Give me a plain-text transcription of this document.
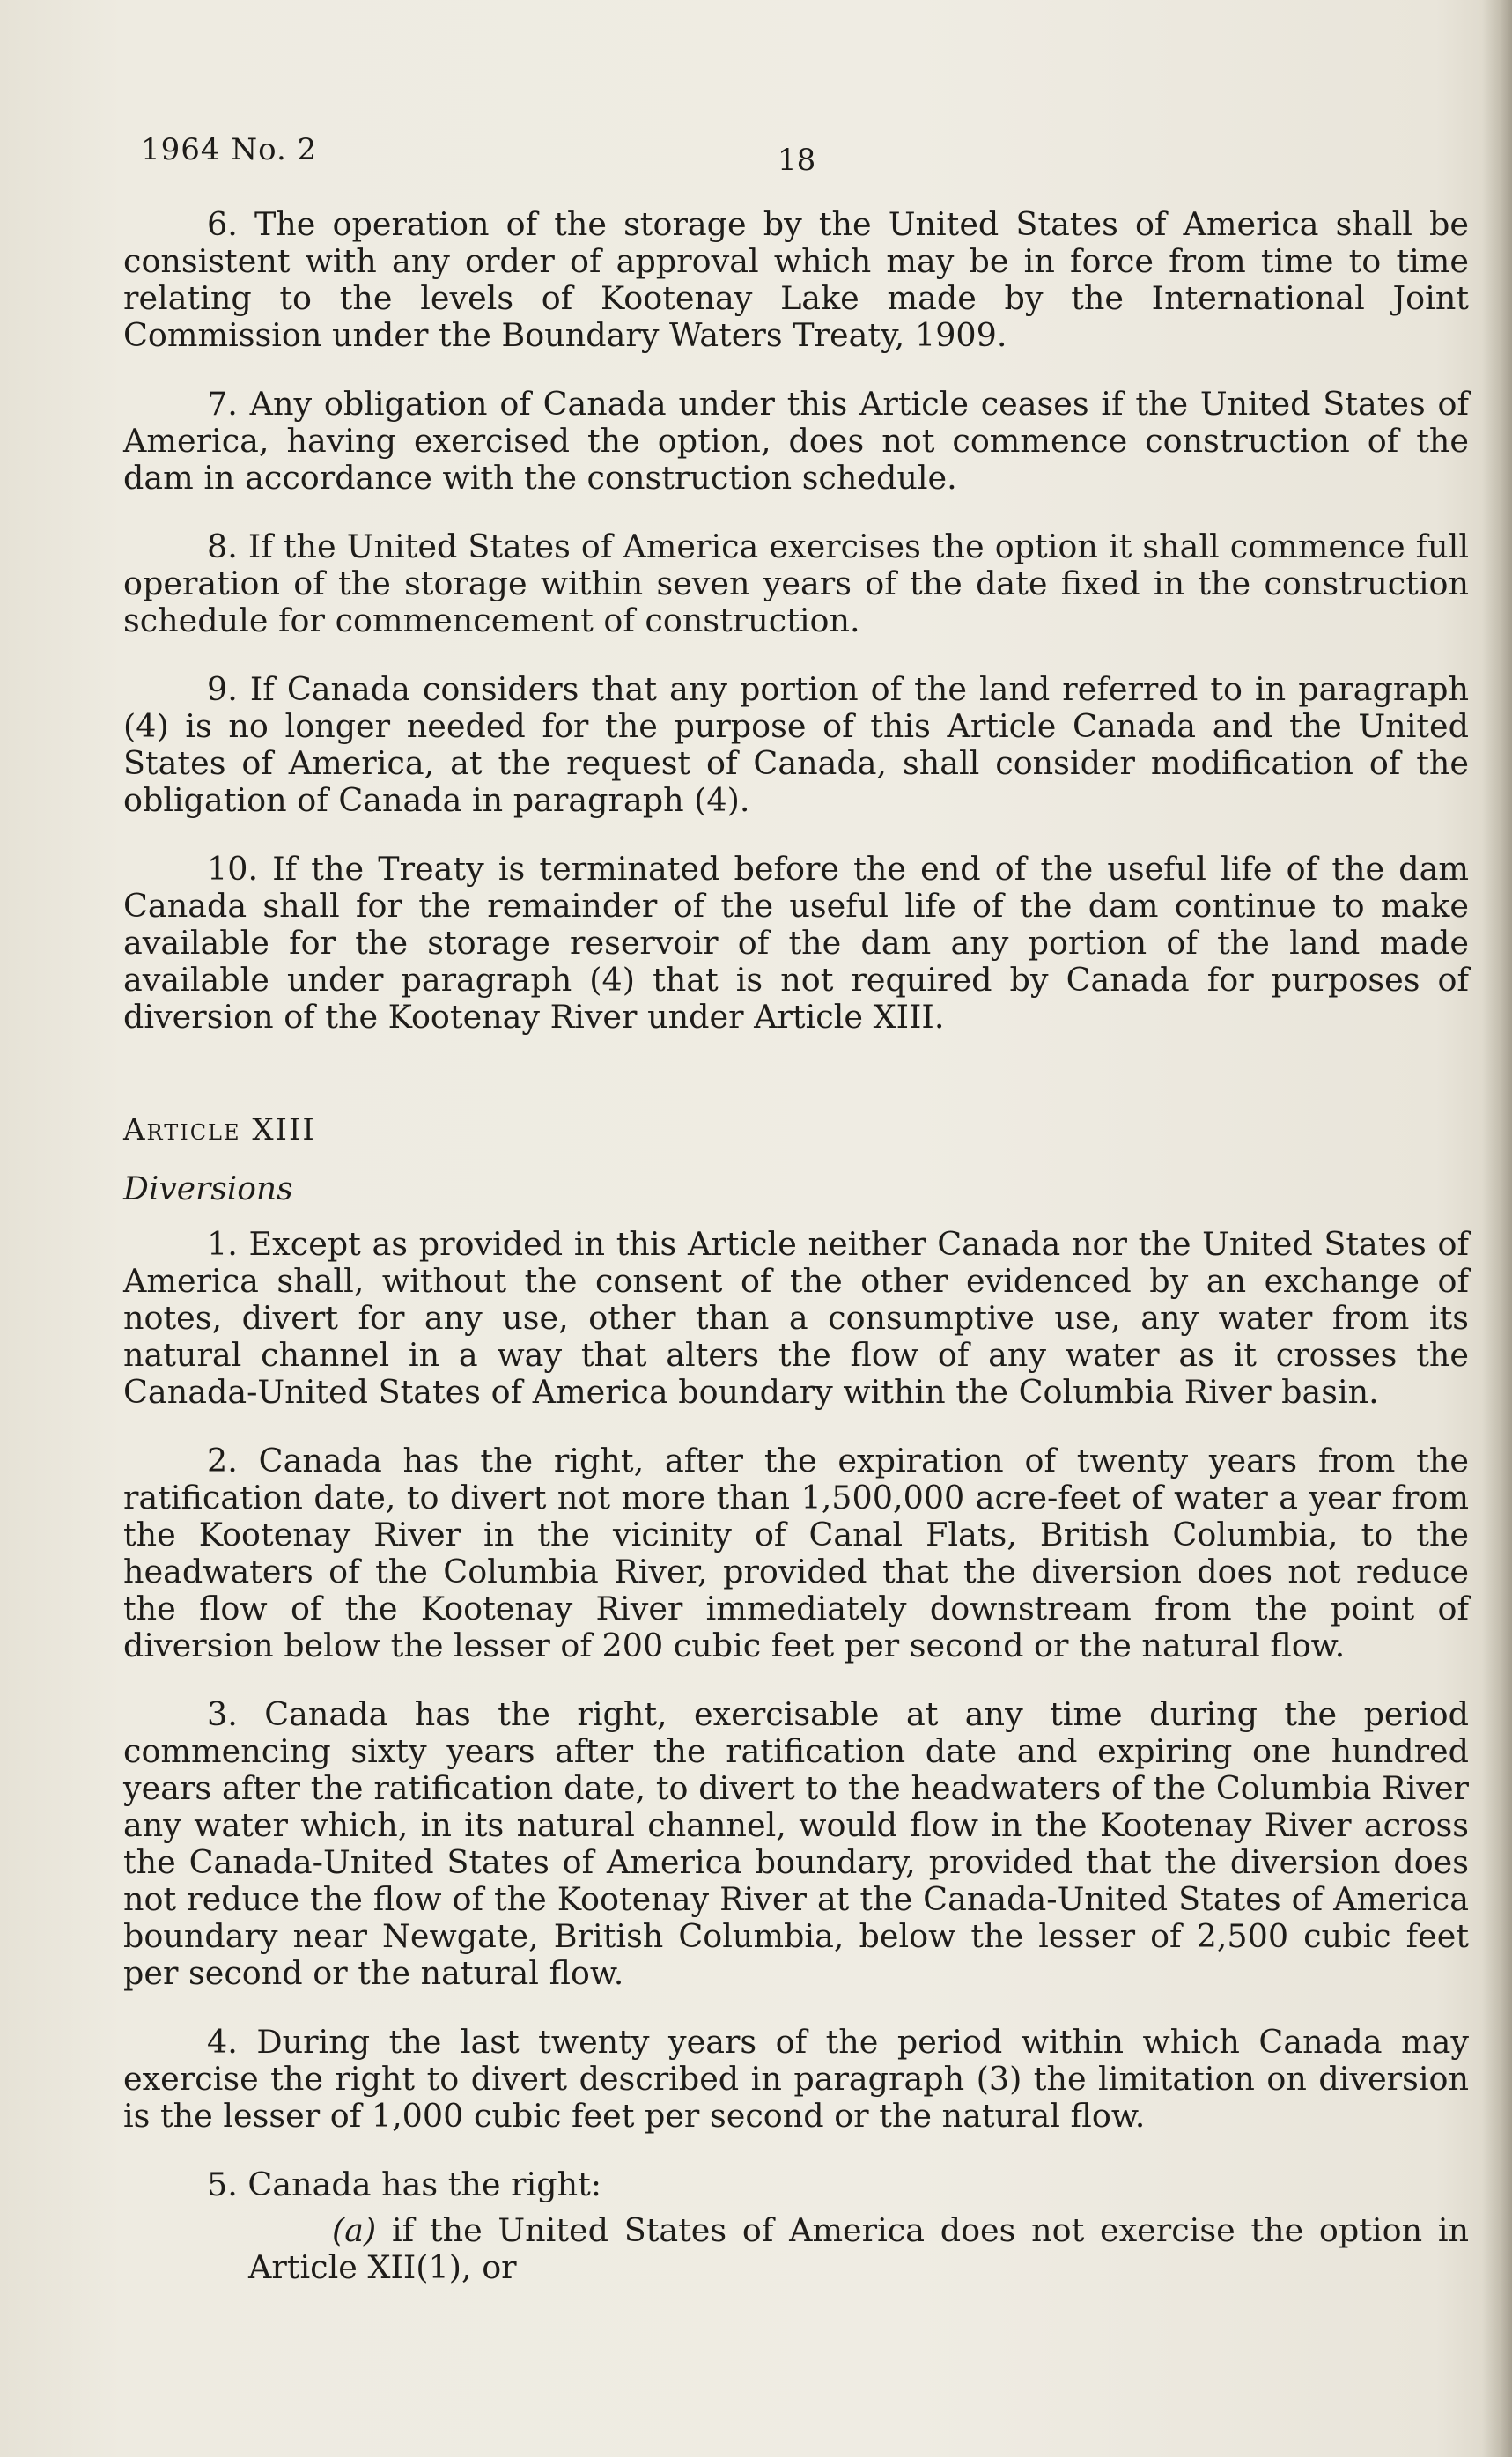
1964 No. 2	18

6. The operation of the storage by the United States of America shall be consistent with any order of approval which may be in force from time to time relating to the levels of Kootenay Lake made by the International Joint Commission under the Boundary Waters Treaty, 1909.

7. Any obligation of Canada under this Article ceases if the United States of America, having exercised the option, does not commence construction of the dam in accordance with the construction schedule.

8. If the United States of America exercises the option it shall commence full operation of the storage within seven years of the date fixed in the construction schedule for commencement of construction.

9. If Canada considers that any portion of the land referred to in paragraph (4) is no longer needed for the purpose of this Article Canada and the United States of America, at the request of Canada, shall consider modification of the obligation of Canada in paragraph (4).

10. If the Treaty is terminated before the end of the useful life of the dam Canada shall for the remainder of the useful life of the dam continue to make available for the storage reservoir of the dam any portion of the land made available under paragraph (4) that is not required by Canada for purposes of diversion of the Kootenay River under Article XIII.

Article XIII
Diversions

1. Except as provided in this Article neither Canada nor the United States of America shall, without the consent of the other evidenced by an exchange of notes, divert for any use, other than a consumptive use, any water from its natural channel in a way that alters the flow of any water as it crosses the Canada-United States of America boundary within the Columbia River basin.

2. Canada has the right, after the expiration of twenty years from the ratification date, to divert not more than 1,500,000 acre-feet of water a year from the Kootenay River in the vicinity of Canal Flats, British Columbia, to the headwaters of the Columbia River, provided that the diversion does not reduce the flow of the Kootenay River immediately downstream from the point of diversion below the lesser of 200 cubic feet per second or the natural flow.

3. Canada has the right, exercisable at any time during the period commencing sixty years after the ratification date and expiring one hundred years after the ratification date, to divert to the headwaters of the Columbia River any water which, in its natural channel, would flow in the Kootenay River across the Canada-United States of America boundary, provided that the diversion does not reduce the flow of the Kootenay River at the Canada-United States of America boundary near Newgate, British Columbia, below the lesser of 2,500 cubic feet per second or the natural flow.

4. During the last twenty years of the period within which Canada may exercise the right to divert described in paragraph (3) the limitation on diversion is the lesser of 1,000 cubic feet per second or the natural flow.

5. Canada has the right:

(a) if the United States of America does not exercise the option in Article XII(1), or
